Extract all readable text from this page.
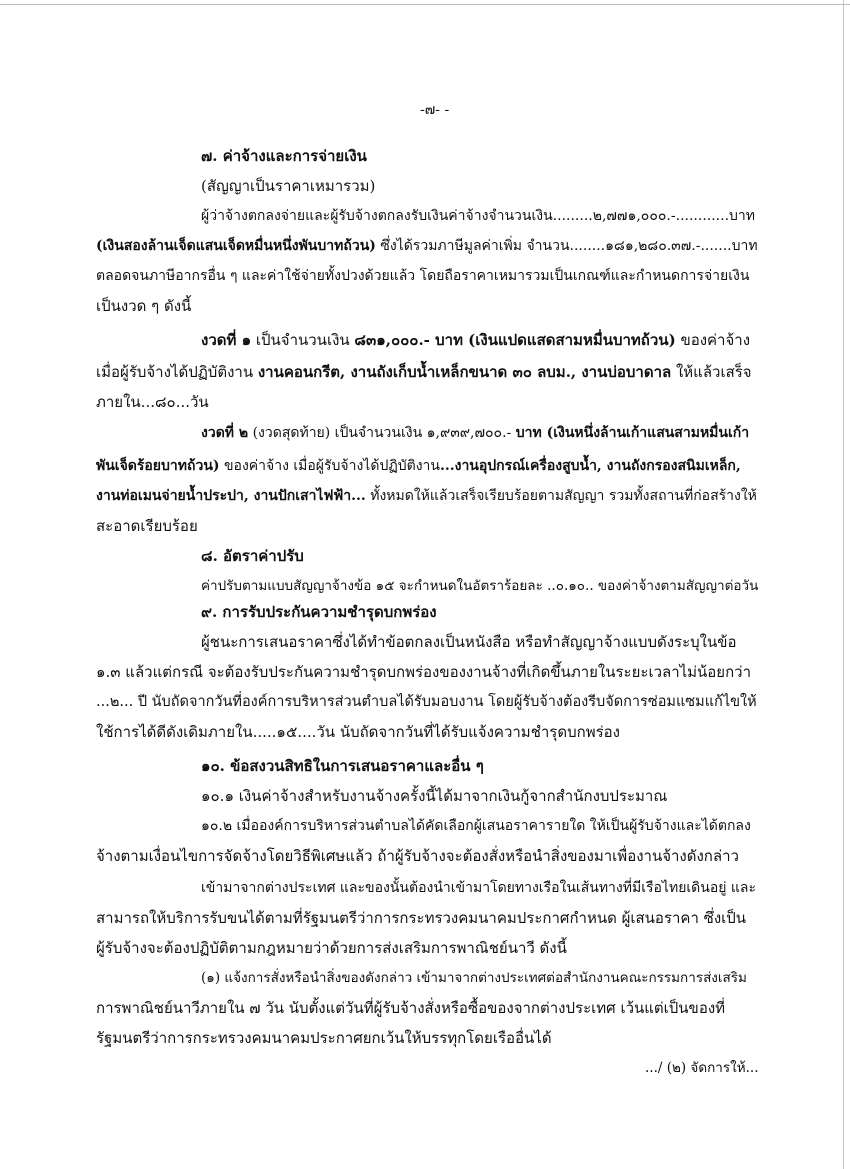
-๗- -
๗. ค่าจ้างและการจ่ายเงิน
(สัญญาเป็นราคาเหมารวม)
ผู้ว่าจ้างตกลงจ่ายและผู้รับจ้างตกลงรับเงินค่าจ้างจำนวนเงิน.........๒,๗๗๑,๐๐๐.-............บาท
(เงินสองล้านเจ็ดแสนเจ็ดหมื่นหนึ่งพันบาทถ้วน) ซึ่งได้รวมภาษีมูลค่าเพิ่ม จำนวน........๑๘๑,๒๘๐.๓๗.-.......บาท
ตลอดจนภาษีอากรอื่น ๆ และค่าใช้จ่ายทั้งปวงด้วยแล้ว โดยถือราคาเหมารวมเป็นเกณฑ์และกำหนดการจ่ายเงิน
เป็นงวด ๆ ดังนี้
งวดที่ ๑ เป็นจำนวนเงิน ๘๓๑,๐๐๐.- บาท (เงินแปดแสดสามหมื่นบาทถ้วน) ของค่าจ้าง
เมื่อผู้รับจ้างได้ปฏิบัติงาน งานคอนกรีต, งานถังเก็บน้ำเหล็กขนาด ๓๐ ลบม., งานบ่อบาดาล ให้แล้วเสร็จ
ภายใน...๘๐...วัน
งวดที่ ๒ (งวดสุดท้าย) เป็นจำนวนเงิน ๑,๙๓๙,๗๐๐.- บาท (เงินหนึ่งล้านเก้าแสนสามหมื่นเก้า
พันเจ็ดร้อยบาทถ้วน) ของค่าจ้าง เมื่อผู้รับจ้างได้ปฏิบัติงาน...งานอุปกรณ์เครื่องสูบน้ำ, งานถังกรองสนิมเหล็ก,
งานท่อเมนจ่ายน้ำประปา, งานปักเสาไฟฟ้า... ทั้งหมดให้แล้วเสร็จเรียบร้อยตามสัญญา รวมทั้งสถานที่ก่อสร้างให้
สะอาดเรียบร้อย
๘. อัตราค่าปรับ
ค่าปรับตามแบบสัญญาจ้างข้อ ๑๕ จะกำหนดในอัตราร้อยละ ..๐.๑๐.. ของค่าจ้างตามสัญญาต่อวัน
๙. การรับประกันความชำรุดบกพร่อง
ผู้ชนะการเสนอราคาซึ่งได้ทำข้อตกลงเป็นหนังสือ หรือทำสัญญาจ้างแบบดังระบุในข้อ
๑.๓ แล้วแต่กรณี จะต้องรับประกันความชำรุดบกพร่องของงานจ้างที่เกิดขึ้นภายในระยะเวลาไม่น้อยกว่า
...๒... ปี นับถัดจากวันที่องค์การบริหารส่วนตำบลได้รับมอบงาน โดยผู้รับจ้างต้องรีบจัดการซ่อมแซมแก้ไขให้
ใช้การได้ดีดังเดิมภายใน.....๑๕....วัน นับถัดจากวันที่ได้รับแจ้งความชำรุดบกพร่อง
๑๐. ข้อสงวนสิทธิในการเสนอราคาและอื่น ๆ
๑๐.๑ เงินค่าจ้างสำหรับงานจ้างครั้งนี้ได้มาจากเงินกู้จากสำนักงบประมาณ
๑๐.๒ เมื่อองค์การบริหารส่วนตำบลได้คัดเลือกผู้เสนอราคารายใด ให้เป็นผู้รับจ้างและได้ตกลง
จ้างตามเงื่อนไขการจัดจ้างโดยวิธีพิเศษแล้ว ถ้าผู้รับจ้างจะต้องสั่งหรือนำสิ่งของมาเพื่องานจ้างดังกล่าว
เข้ามาจากต่างประเทศ และของนั้นต้องนำเข้ามาโดยทางเรือในเส้นทางที่มีเรือไทยเดินอยู่ และ
สามารถให้บริการรับขนได้ตามที่รัฐมนตรีว่าการกระทรวงคมนาคมประกาศกำหนด ผู้เสนอราคา ซึ่งเป็น
ผู้รับจ้างจะต้องปฏิบัติตามกฎหมายว่าด้วยการส่งเสริมการพาณิชย์นาวี ดังนี้
(๑) แจ้งการสั่งหรือนำสิ่งของดังกล่าว เข้ามาจากต่างประเทศต่อสำนักงานคณะกรรมการส่งเสริม
การพาณิชย์นาวีภายใน ๗ วัน นับตั้งแต่วันที่ผู้รับจ้างสั่งหรือซื้อของจากต่างประเทศ เว้นแต่เป็นของที่
รัฐมนตรีว่าการกระทรวงคมนาคมประกาศยกเว้นให้บรรทุกโดยเรืออื่นได้
.../ (๒) จัดการให้...
